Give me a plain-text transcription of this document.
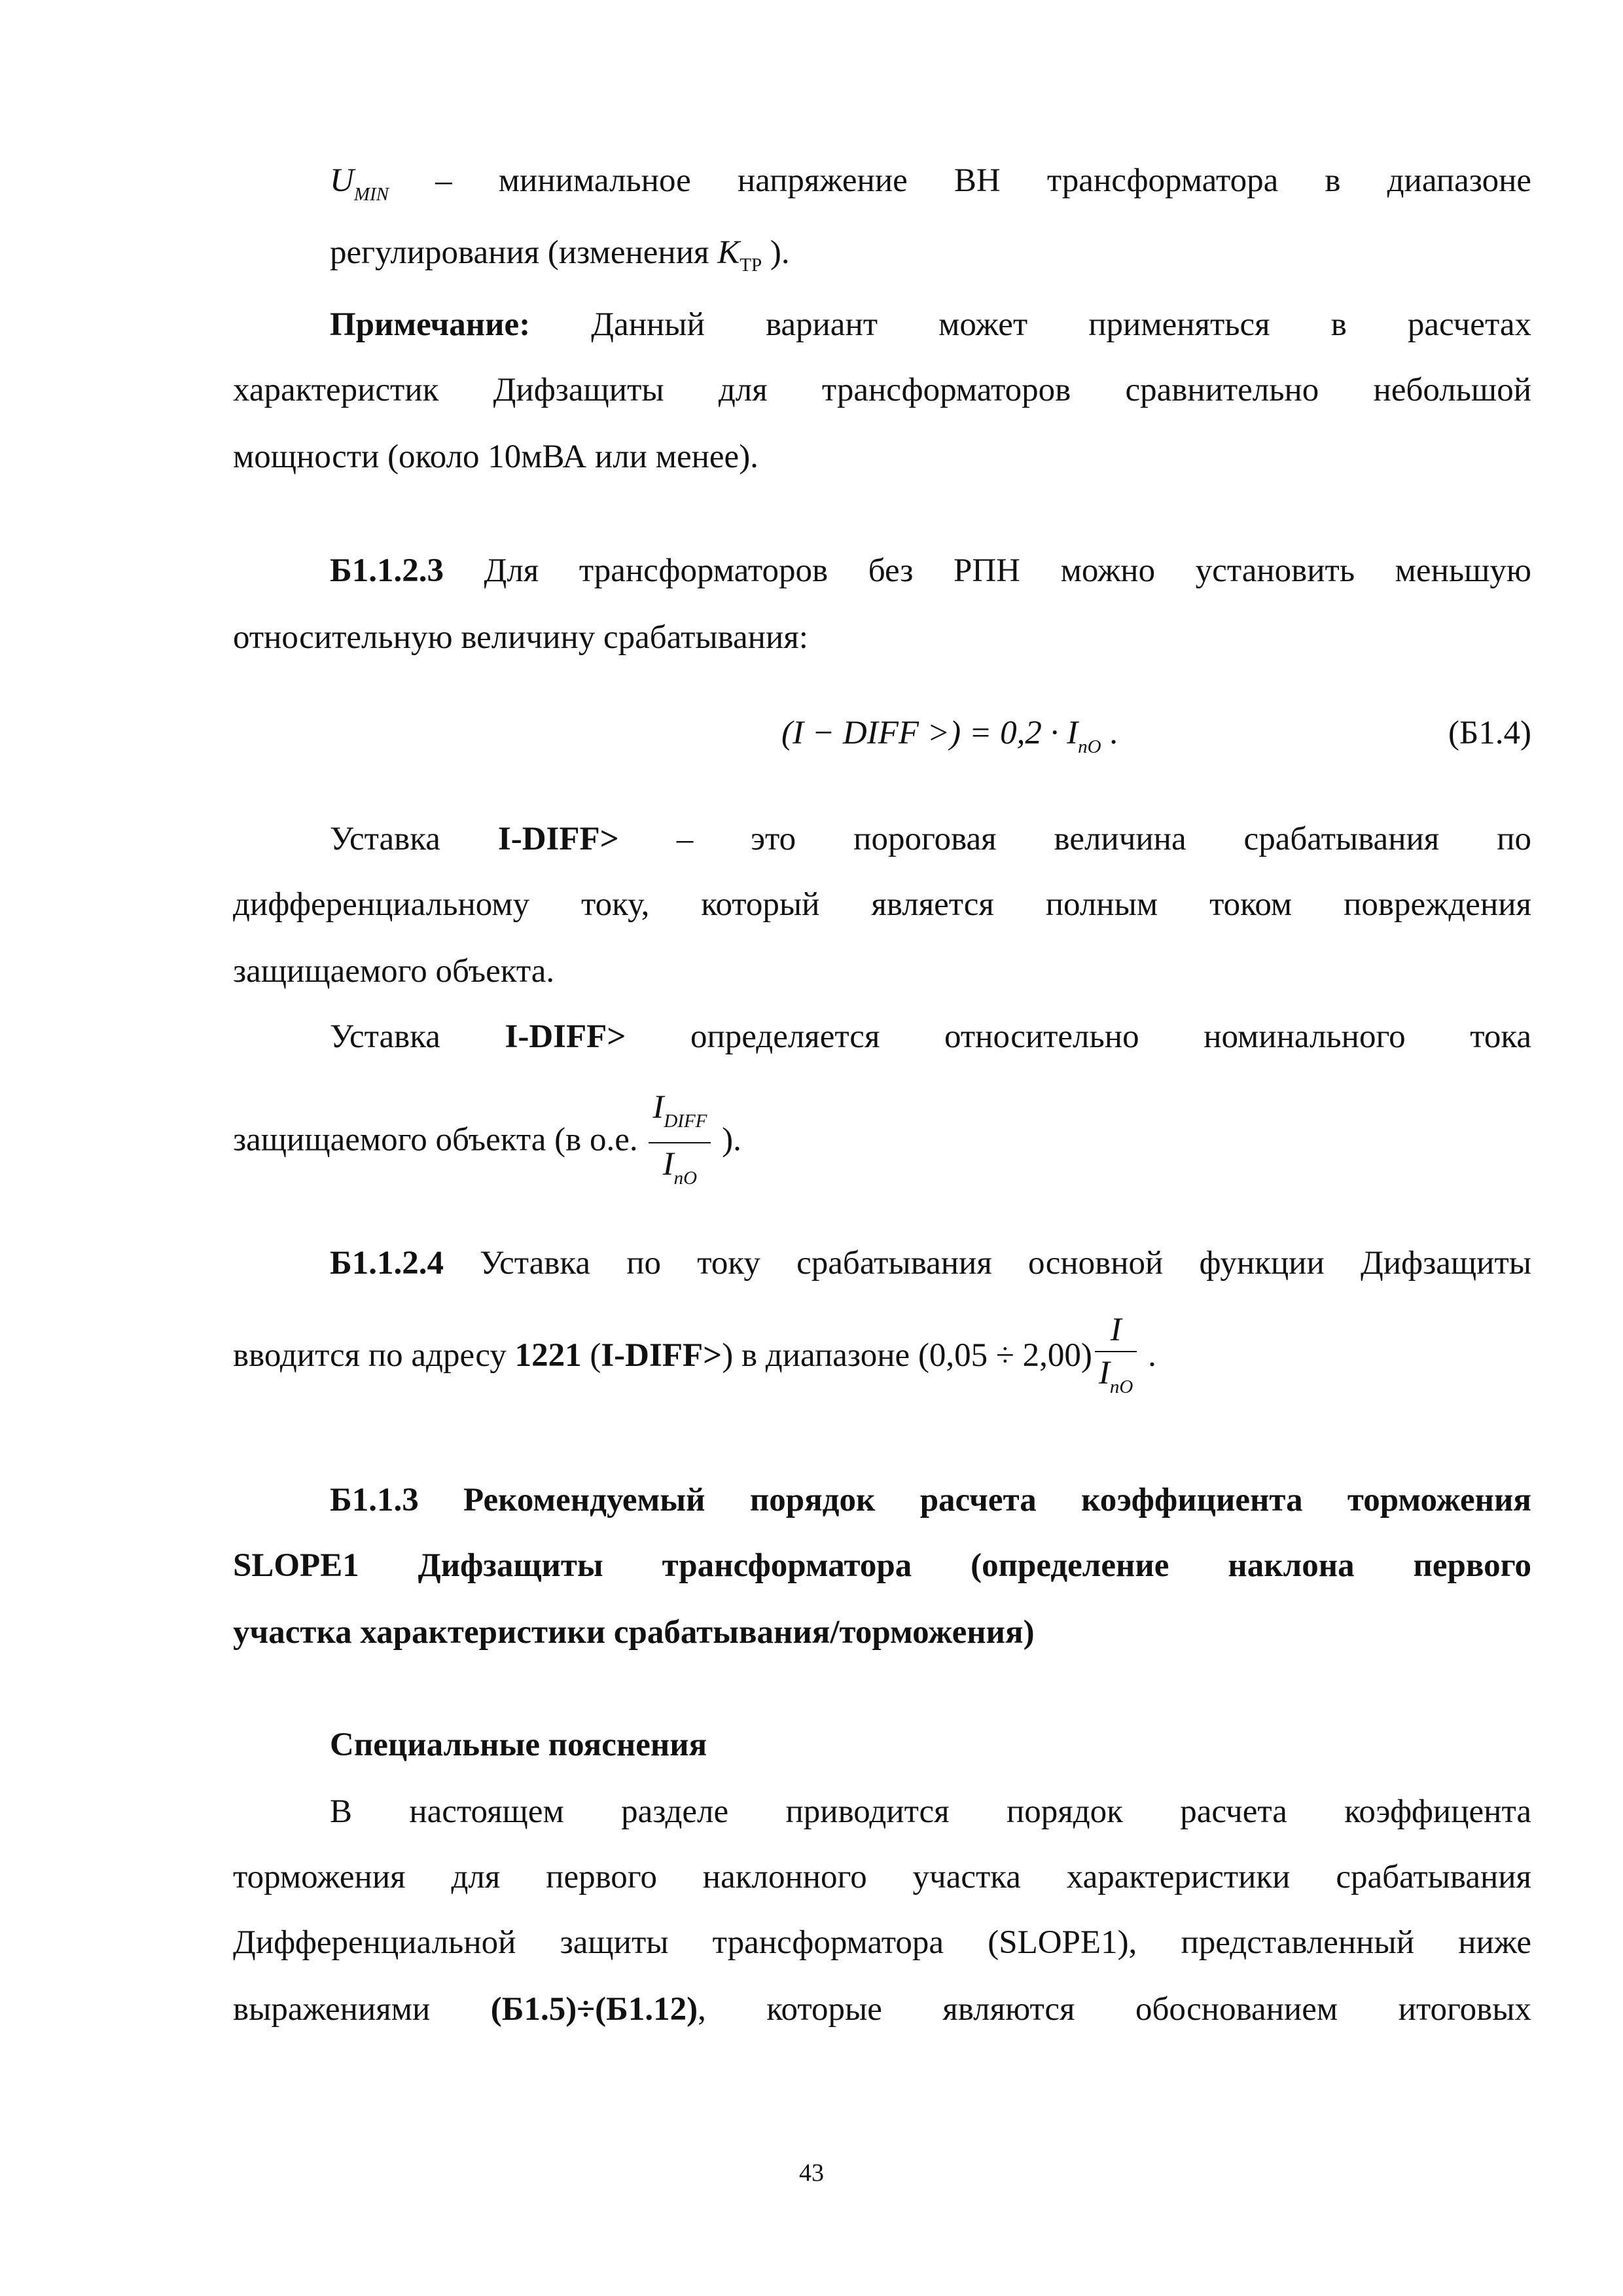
$U_{MIN}$ – минимальное напряжение ВН трансформатора в диапазоне
регулирования (изменения $K_{ТР}$ ).
Примечание: Данный вариант может применяться в расчетах
характеристик Дифзащиты для трансформаторов сравнительно небольшой
мощности (около 10мВА или менее).
Б1.1.2.3 Для трансформаторов без РПН можно установить меньшую
относительную величину срабатывания:
(I − DIFF >) = $0,2 \cdot I_{nO}$ .	(Б1.4)
Уставка I-DIFF> – это пороговая величина срабатывания по
дифференциальному току, который является полным током повреждения
защищаемого объекта.
Уставка I-DIFF> определяется относительно номинального тока
защищаемого объекта (в о.е. $\frac{I_{DIFF}}{I_{nO}}$ ).
Б1.1.2.4 Уставка по току срабатывания основной функции Дифзащиты
вводится по адресу 1221 (I-DIFF>) в диапазоне $(0,05 \div 2,00) \frac{I}{I_{nO}}$ .
Б1.1.3 Рекомендуемый порядок расчета коэффициента торможения
SLOPE1 Дифзащиты трансформатора (определение наклона первого
участка характеристики срабатывания/торможения)
Специальные пояснения
В настоящем разделе приводится порядок расчета коэффицента
торможения для первого наклонного участка характеристики срабатывания
Дифференциальной защиты трансформатора (SLOPE1), представленный ниже
выражениями (Б1.5)÷(Б1.12), которые являются обоснованием итоговых
43
